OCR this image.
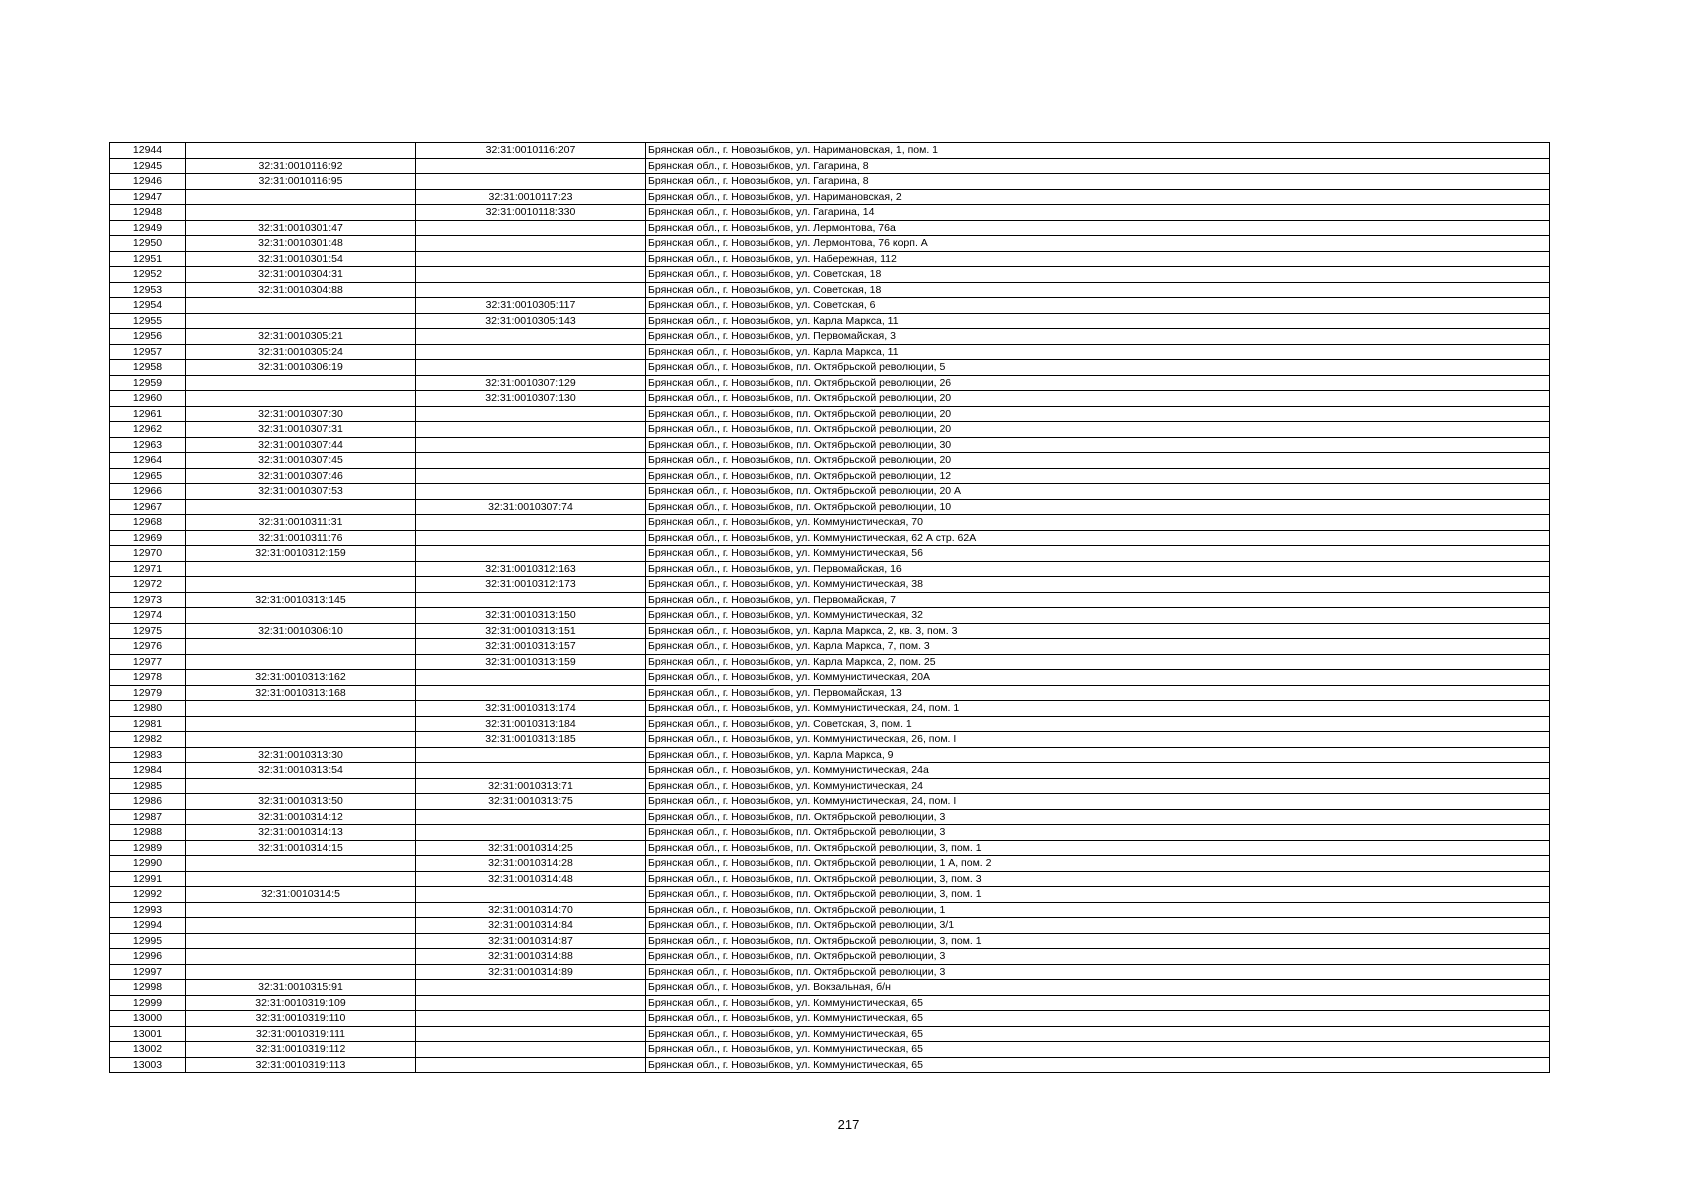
12944		32:31:0010116:207	Брянская обл., г. Новозыбков, ул. Наримановская, 1, пом. 1
12945	32:31:0010116:92		Брянская обл., г. Новозыбков, ул. Гагарина, 8
12946	32:31:0010116:95		Брянская обл., г. Новозыбков, ул. Гагарина, 8
12947		32:31:0010117:23	Брянская обл., г. Новозыбков, ул. Наримановская, 2
12948		32:31:0010118:330	Брянская обл., г. Новозыбков, ул. Гагарина, 14
12949	32:31:0010301:47		Брянская обл., г. Новозыбков, ул. Лермонтова, 76а
12950	32:31:0010301:48		Брянская обл., г. Новозыбков, ул. Лермонтова, 76 корп. А
12951	32:31:0010301:54		Брянская обл., г. Новозыбков, ул. Набережная, 112
12952	32:31:0010304:31		Брянская обл., г. Новозыбков, ул. Советская, 18
12953	32:31:0010304:88		Брянская обл., г. Новозыбков, ул. Советская, 18
12954		32:31:0010305:117	Брянская обл., г. Новозыбков, ул. Советская, 6
12955		32:31:0010305:143	Брянская обл., г. Новозыбков, ул. Карла Маркса, 11
12956	32:31:0010305:21		Брянская обл., г. Новозыбков, ул. Первомайская, 3
12957	32:31:0010305:24		Брянская обл., г. Новозыбков, ул. Карла Маркса, 11
12958	32:31:0010306:19		Брянская обл., г. Новозыбков, пл. Октябрьской революции, 5
12959		32:31:0010307:129	Брянская обл., г. Новозыбков, пл. Октябрьской революции, 26
12960		32:31:0010307:130	Брянская обл., г. Новозыбков, пл. Октябрьской революции, 20
12961	32:31:0010307:30		Брянская обл., г. Новозыбков, пл. Октябрьской революции, 20
12962	32:31:0010307:31		Брянская обл., г. Новозыбков, пл. Октябрьской революции, 20
12963	32:31:0010307:44		Брянская обл., г. Новозыбков, пл. Октябрьской революции, 30
12964	32:31:0010307:45		Брянская обл., г. Новозыбков, пл. Октябрьской революции, 20
12965	32:31:0010307:46		Брянская обл., г. Новозыбков, пл. Октябрьской революции, 12
12966	32:31:0010307:53		Брянская обл., г. Новозыбков, пл. Октябрьской революции, 20 А
12967		32:31:0010307:74	Брянская обл., г. Новозыбков, пл. Октябрьской революции, 10
12968	32:31:0010311:31		Брянская обл., г. Новозыбков, ул. Коммунистическая, 70
12969	32:31:0010311:76		Брянская обл., г. Новозыбков, ул. Коммунистическая, 62 А стр. 62А
12970	32:31:0010312:159		Брянская обл., г. Новозыбков, ул. Коммунистическая, 56
12971		32:31:0010312:163	Брянская обл., г. Новозыбков, ул. Первомайская, 16
12972		32:31:0010312:173	Брянская обл., г. Новозыбков, ул. Коммунистическая, 38
12973	32:31:0010313:145		Брянская обл., г. Новозыбков, ул. Первомайская, 7
12974		32:31:0010313:150	Брянская обл., г. Новозыбков, ул. Коммунистическая, 32
12975	32:31:0010306:10	32:31:0010313:151	Брянская обл., г. Новозыбков, ул. Карла Маркса, 2, кв. 3, пом. 3
12976		32:31:0010313:157	Брянская обл., г. Новозыбков, ул. Карла Маркса, 7, пом. 3
12977		32:31:0010313:159	Брянская обл., г. Новозыбков, ул. Карла Маркса, 2, пом. 25
12978	32:31:0010313:162		Брянская обл., г. Новозыбков, ул. Коммунистическая, 20А
12979	32:31:0010313:168		Брянская обл., г. Новозыбков, ул. Первомайская, 13
12980		32:31:0010313:174	Брянская обл., г. Новозыбков, ул. Коммунистическая, 24, пом. 1
12981		32:31:0010313:184	Брянская обл., г. Новозыбков, ул. Советская, 3, пом. 1
12982		32:31:0010313:185	Брянская обл., г. Новозыбков, ул. Коммунистическая, 26, пом. I
12983	32:31:0010313:30		Брянская обл., г. Новозыбков, ул. Карла Маркса, 9
12984	32:31:0010313:54		Брянская обл., г. Новозыбков, ул. Коммунистическая, 24а
12985		32:31:0010313:71	Брянская обл., г. Новозыбков, ул. Коммунистическая, 24
12986	32:31:0010313:50	32:31:0010313:75	Брянская обл., г. Новозыбков, ул. Коммунистическая, 24, пом. I
12987	32:31:0010314:12		Брянская обл., г. Новозыбков, пл. Октябрьской революции, 3
12988	32:31:0010314:13		Брянская обл., г. Новозыбков, пл. Октябрьской революции, 3
12989	32:31:0010314:15	32:31:0010314:25	Брянская обл., г. Новозыбков, пл. Октябрьской революции, 3, пом. 1
12990		32:31:0010314:28	Брянская обл., г. Новозыбков, пл. Октябрьской революции, 1 А, пом. 2
12991		32:31:0010314:48	Брянская обл., г. Новозыбков, пл. Октябрьской революции, 3, пом. 3
12992	32:31:0010314:5		Брянская обл., г. Новозыбков, пл. Октябрьской революции, 3, пом. 1
12993		32:31:0010314:70	Брянская обл., г. Новозыбков, пл. Октябрьской революции, 1
12994		32:31:0010314:84	Брянская обл., г. Новозыбков, пл. Октябрьской революции, 3/1
12995		32:31:0010314:87	Брянская обл., г. Новозыбков, пл. Октябрьской революции, 3, пом. 1
12996		32:31:0010314:88	Брянская обл., г. Новозыбков, пл. Октябрьской революции, 3
12997		32:31:0010314:89	Брянская обл., г. Новозыбков, пл. Октябрьской революции, 3
12998	32:31:0010315:91		Брянская обл., г. Новозыбков, ул. Вокзальная, б/н
12999	32:31:0010319:109		Брянская обл., г. Новозыбков, ул. Коммунистическая, 65
13000	32:31:0010319:110		Брянская обл., г. Новозыбков, ул. Коммунистическая, 65
13001	32:31:0010319:111		Брянская обл., г. Новозыбков, ул. Коммунистическая, 65
13002	32:31:0010319:112		Брянская обл., г. Новозыбков, ул. Коммунистическая, 65
13003	32:31:0010319:113		Брянская обл., г. Новозыбков, ул. Коммунистическая, 65
217
